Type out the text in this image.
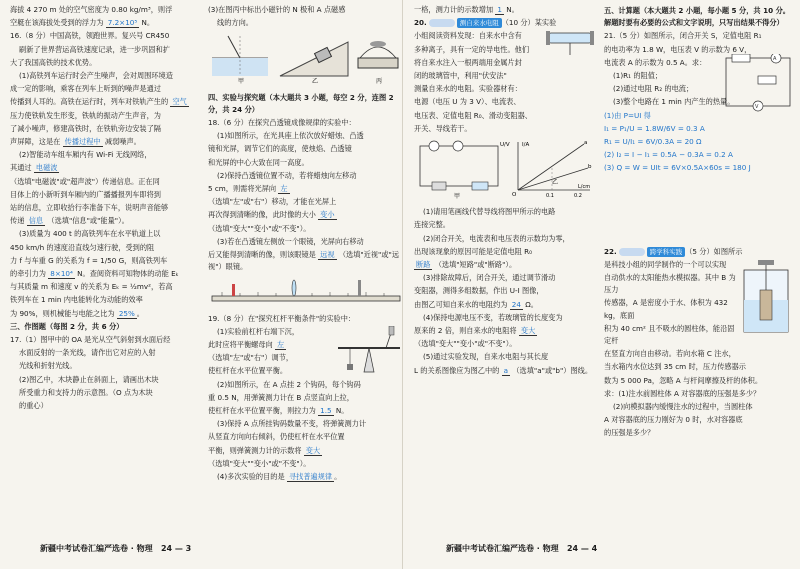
海拔 4 270 m 处的空气密度为 0.80 kg/m³，则浮

空艇在该海拔处受到的浮力为 7.2×10⁵ N。

16.（8 分）中国高铁，领跑世界。复兴号 CR450

刷新了世界营运高铁速度记录，进一步巩固和扩

大了我国高铁的技术优势。

(1)高铁列车运行时会产生噪声，会对周围环境造

成一定的影响，乘客在列车上听到的噪声是通过

传播到人耳的。高铁在运行时，列车对铁轨产生的 空气

压力使铁轨发生形变，铁轨的振动产生声音，为

了减小噪声，修建高铁时，在铁轨旁边安装了隔

声屏障，这是在 传播过程中 减弱噪声。

(2)智能动车组车厢内有 Wi-Fi 无线网络，

其通过 电磁波

（选填"电磁波"或"超声波"）传递信息。正在同

目体上的小新听到车厢内的广播播报列车即将到

站的信息，立即收拾行李准备下车，说明声音能够

传递 信息 （选填"信息"或"能量"）。

(3)质量为 400 t 的高铁列车在水平轨道上以

450 km/h 的速度沿直线匀速行驶，受到的阻

力 f 与车重 G 的关系为 f = 1/50 G，则高铁列车

的牵引力为 8×10⁴ N。查阅资料可知物体的动能 Eₖ

与其质量 m 和速度 v 的关系为 Eₖ = ½mv²，若高

铁列车在 1 min 内电能转化为动能的效率

为 90%，则机械能与电能之比为 25% 。

三、作图题（每图 2 分，共 6 分）

17.（1）图甲中的 OA 是光从空气斜射到水面后经

水面反射的一条光线，请作出它对应的入射

光线和折射光线。

(2)图乙中，木块静止在斜面上，请画出木块

所受重力和支持力的示意图。（O 点为木块

的重心）

(3)在图丙中标出小磁针的 N 极和 A 点磁感

线的方向。

甲	乙	丙

四、实验与探究题（本大题共 3 小题，每空 2 分，连图 2 分，共 24 分）

18.（6 分）在探究凸透镜成像规律的实验中：

(1)如图所示，在光具座上依次放好蜡烛、凸透

镜和光屏，调节它们的高度，使烛焰、凸透镜

和光屏的中心大致在同一高度。

(2)保持凸透镜位置不动，若将蜡烛向左移动

5 cm，则需将光屏向 左

（选填"左"或"右"）移动，才能在光屏上

再次得到清晰的像，此时像的大小 变小

（选填"变大""变小"或"不变"）。

(3)若在凸透镜左侧放一个眼镜，光屏向右移动

后又能得到清晰的像，则该眼镜是 远视 （选填"近视"或"远视"）眼镜。

19.（8 分）在"探究杠杆平衡条件"的实验中：

(1)实验前杠杆右端下沉，

此时应将平衡螺母向 左

（选填"左"或"右"）调节，

使杠杆在水平位置平衡。

(2)如图所示，在 A 点挂 2 个钩码，每个钩码

重 0.5 N，用弹簧测力计在 B 点竖直向上拉，

使杠杆在水平位置平衡，则拉力为 1.5 N。

(3)保持 A 点所挂钩码数量不变，将弹簧测力计

从竖直方向向右倾斜，仍使杠杆在水平位置

平衡，则弹簧测力计的示数将 变大

（选填"变大""变小"或"不变"）。

(4)多次实验的目的是 寻找普遍规律 。

一格，测力计的示数增加 1 N。

20.	测自来水电阻 （10 分）某实验

小组阅读资料发现：自来水中含有

多种离子，具有一定的导电性。他们

将自来水注入一根两端用金属片封

闭的玻璃管中，利用"伏安法"

测量自来水的电阻。实验器材有：

电源（电压 U 为 3 V）、电流表、

电压表、定值电阻 R₀、滑动变阻器、

开关、导线若干。

I/A
O	0.1	0.2
L/cm
b
a
甲
乙
U/V

(1)请用笔画线代替导线将图甲所示的电路

连接完整。

(2)闭合开关，电流表和电压表的示数均为零，

出现该现象的原因可能是定值电阻 R₀

断路 （选填"短路"或"断路"）。

(3)排除故障后，闭合开关，通过调节滑动

变阻器，测得多组数据，作出 U-I 图像，

由图乙可知自来水的电阻约为 24 Ω。

(4)保持电源电压不变，若玻璃管的长度变为

原来的 2 倍，则自来水的电阻将 变大

（选填"变大""变小"或"不变"）。

(5)通过实验发现，自来水电阻与其长度

L 的关系图像应为图乙中的 a （选填"a"或"b"）图线。

五、计算题（本大题共 2 小题，每小题 5 分，共 10 分。解题时要有必要的公式和文字说明，只写出结果不得分）

A
V

21.（5 分）如图所示，闭合开关 S，定值电阻 R₁

的电功率为 1.8 W，电压表 V 的示数为 6 V，

电流表 A 的示数为 0.5 A。求：

(1)R₁ 的阻值；

(2)通过电阻 R₂ 的电流；

(3)整个电路在 1 min 内产生的热量。

(1)由 P=UI 得

I₁ = P₁/U = 1.8W/6V = 0.3 A

R₁ = U/I₁ = 6V/0.3A = 20 Ω

(2) I₂ = I − I₁ = 0.5A − 0.3A = 0.2 A

(3) Q = W = UIt = 6V×0.5A×60s = 180 J

22.	跨学科实践 （5 分）如图所示

是科技小组的同学制作的一个可以实现

自动供水的太阳能热水模拟器。其中 B 为压力

传感器，A 是密度小于水、体积为 432 kg，底面

积为 40 cm² 且不吸水的圆柱体，能沿固定杆

在竖直方向自由移动。若向水箱 C 注水，

当水箱内水位达到 35 cm 时，压力传感器示

数为 5 000 Pa，忽略 A 与杆间摩擦及杆的体积。

求：(1)注水前圆柱体 A 对容器底的压强是多少？

(2)向模拟器内缓慢注水的过程中，当圆柱体

A 对容器底的压力刚好为 0 时，水对容器底

的压强是多少？

新疆中考试卷汇编严选卷 · 物理 24 — 3	新疆中考试卷汇编严选卷 · 物理 24 — 4
